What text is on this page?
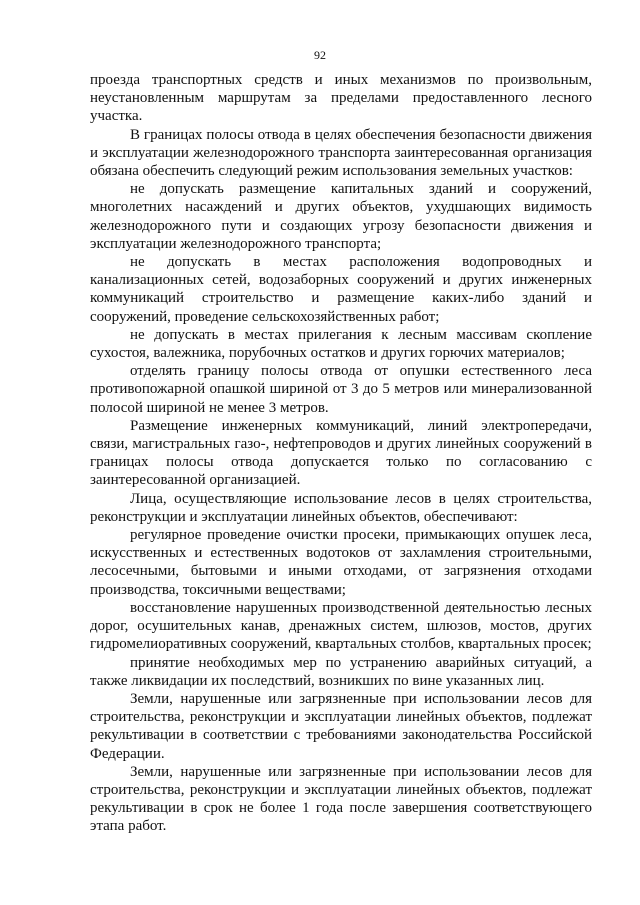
92

проезда транспортных средств и иных механизмов по произвольным, неустановленным маршрутам за пределами предоставленного лесного участка.

В границах полосы отвода в целях обеспечения безопасности движения и эксплуатации железнодорожного транспорта заинтересованная организация обязана обеспечить следующий режим использования земельных участков:

не допускать размещение капитальных зданий и сооружений, многолетних насаждений и других объектов, ухудшающих видимость железнодорожного пути и создающих угрозу безопасности движения и эксплуатации железнодорожного транспорта;

не допускать в местах расположения водопроводных и канализационных сетей, водозаборных сооружений и других инженерных коммуникаций строительство и размещение каких-либо зданий и сооружений, проведение сельскохозяйственных работ;

не допускать в местах прилегания к лесным массивам скопление сухостоя, валежника, порубочных остатков и других горючих материалов;

отделять границу полосы отвода от опушки естественного леса противопожарной опашкой шириной от 3 до 5 метров или минерализованной полосой шириной не менее 3 метров.

Размещение инженерных коммуникаций, линий электропередачи, связи, магистральных газо-, нефтепроводов и других линейных сооружений в границах полосы отвода допускается только по согласованию с заинтересованной организацией.

Лица, осуществляющие использование лесов в целях строительства, реконструкции и эксплуатации линейных объектов, обеспечивают:

регулярное проведение очистки просеки, примыкающих опушек леса, искусственных и естественных водотоков от захламления строительными, лесосечными, бытовыми и иными отходами, от загрязнения отходами производства, токсичными веществами;

восстановление нарушенных производственной деятельностью лесных дорог, осушительных канав, дренажных систем, шлюзов, мостов, других гидромелиоративных сооружений, квартальных столбов, квартальных просек;

принятие необходимых мер по устранению аварийных ситуаций, а также ликвидации их последствий, возникших по вине указанных лиц.

Земли, нарушенные или загрязненные при использовании лесов для строительства, реконструкции и эксплуатации линейных объектов, подлежат рекультивации в соответствии с требованиями законодательства Российской Федерации.

Земли, нарушенные или загрязненные при использовании лесов для строительства, реконструкции и эксплуатации линейных объектов, подлежат рекультивации в срок не более 1 года после завершения соответствующего этапа работ.
